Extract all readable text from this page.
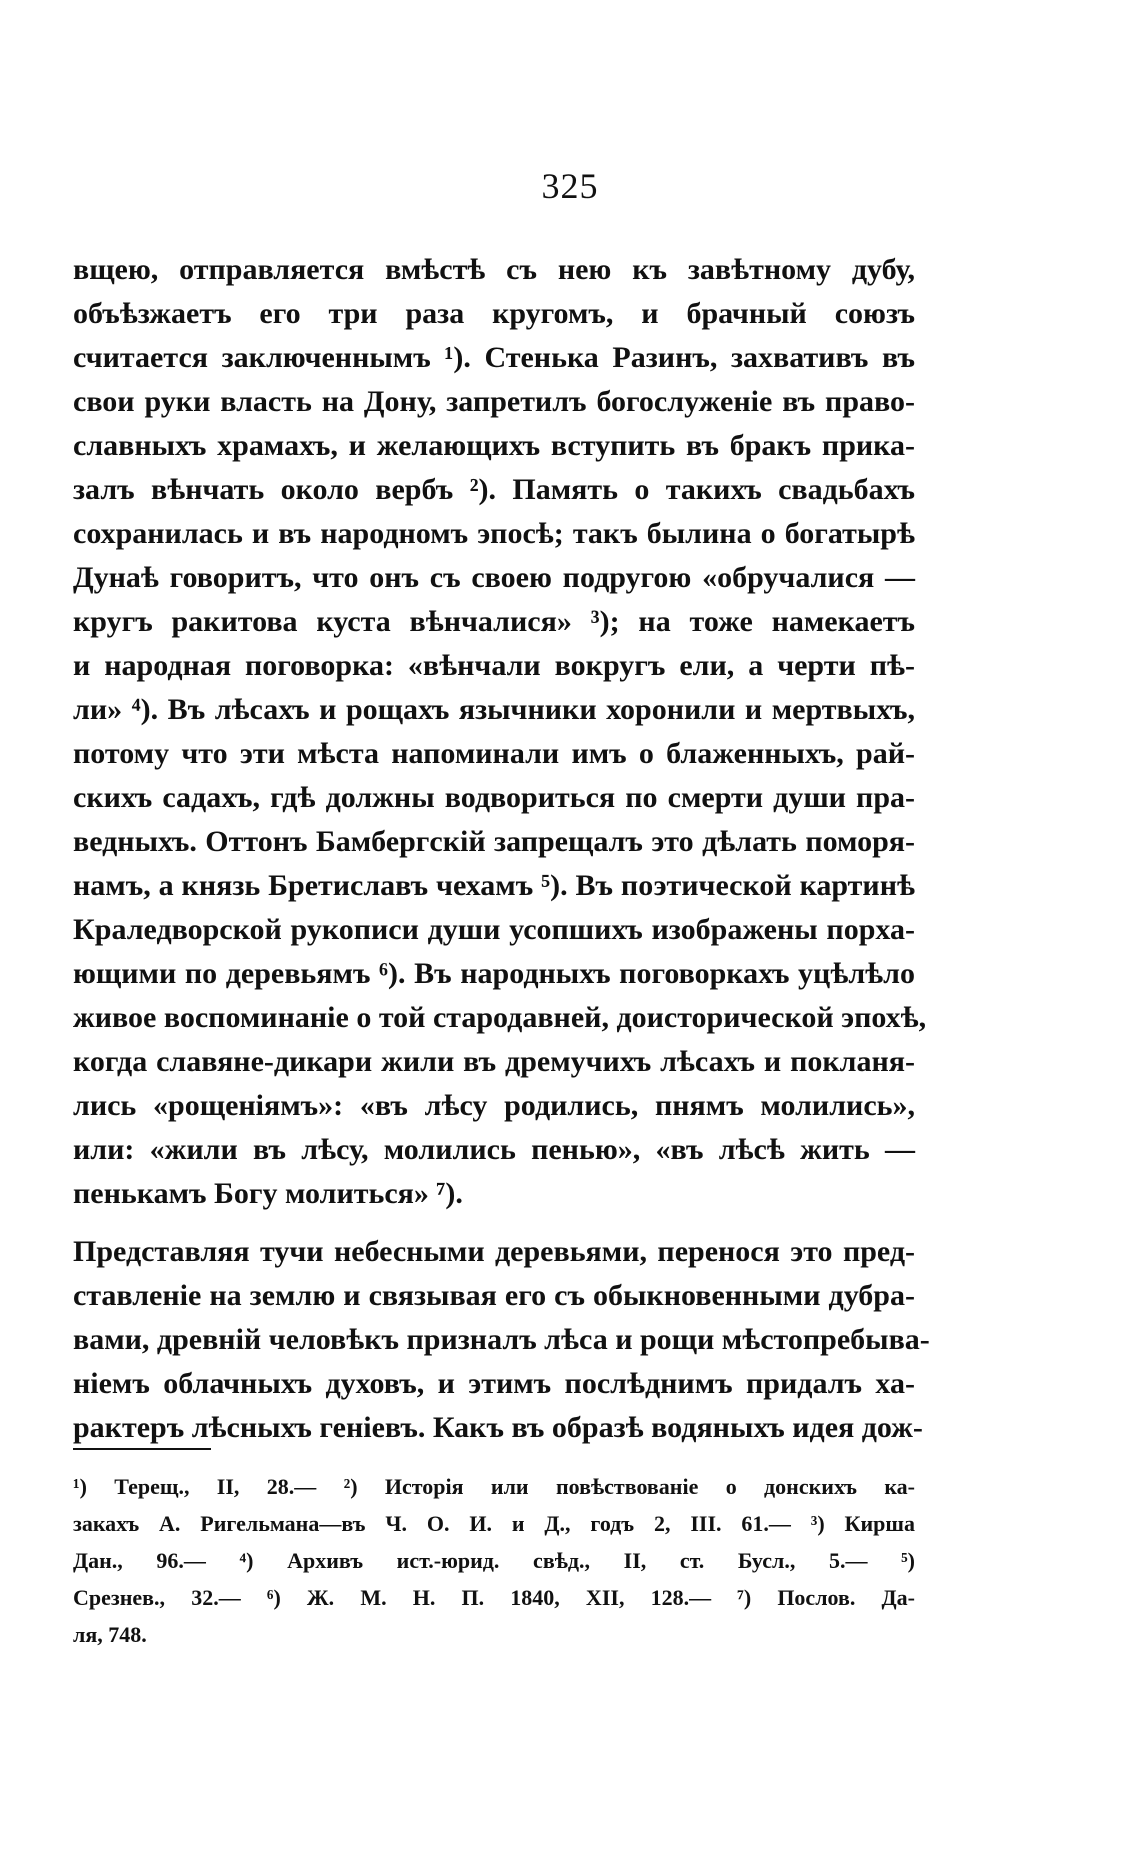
325
вщею, отправляется вмѣстѣ съ нею къ завѣтному дубу,
объѣзжаетъ его три раза кругомъ, и брачный союзъ
считается заключеннымъ ¹). Стенька Разинъ, захвативъ въ
свои руки власть на Дону, запретилъ богослуженіе въ право-
славныхъ храмахъ, и желающихъ вступить въ бракъ прика-
залъ вѣнчать около вербъ ²). Память о такихъ свадьбахъ
сохранилась и въ народномъ эпосѣ; такъ былина о богатырѣ
Дунаѣ говоритъ, что онъ съ своею подругою «обручалися —
кругъ ракитова куста вѣнчалися» ³); на тоже намекаетъ
и народная поговорка: «вѣнчали вокругъ ели, а черти пѣ-
ли» ⁴). Въ лѣсахъ и рощахъ язычники хоронили и мертвыхъ,
потому что эти мѣста напоминали имъ о блаженныхъ, рай-
скихъ садахъ, гдѣ должны водвориться по смерти души пра-
ведныхъ. Оттонъ Бамбергскій запрещалъ это дѣлать поморя-
намъ, а князь Бретиславъ чехамъ ⁵). Въ поэтической картинѣ
Краледворской рукописи души усопшихъ изображены порха-
ющими по деревьямъ ⁶). Въ народныхъ поговоркахъ уцѣлѣло
живое воспоминаніе о той стародавней, доисторической эпохѣ,
когда славяне-дикари жили въ дремучихъ лѣсахъ и покланя-
лись «рощеніямъ»: «въ лѣсу родились, пнямъ молились»,
или: «жили въ лѣсу, молились пенью», «въ лѣсѣ жить —
пенькамъ Богу молиться» ⁷).
Представляя тучи небесными деревьями, перенося это пред-
ставленіе на землю и связывая его съ обыкновенными дубра-
вами, древній человѣкъ призналъ лѣса и рощи мѣстопребыва-
ніемъ облачныхъ духовъ, и этимъ послѣднимъ придалъ ха-
рактеръ лѣсныхъ геніевъ. Какъ въ образѣ водяныхъ идея дож-
¹) Терещ., II, 28.— ²) Исторія или повѣствованіе о донскихъ ка-
закахъ А. Ригельмана—въ Ч. О. И. и Д., годъ 2, III. 61.— ³) Кирша
Дан., 96.— ⁴) Архивъ ист.-юрид. свѣд., II, ст. Бусл., 5.— ⁵)
Срезнев., 32.— ⁶) Ж. М. Н. П. 1840, XII, 128.— ⁷) Послов. Да-
ля, 748.
